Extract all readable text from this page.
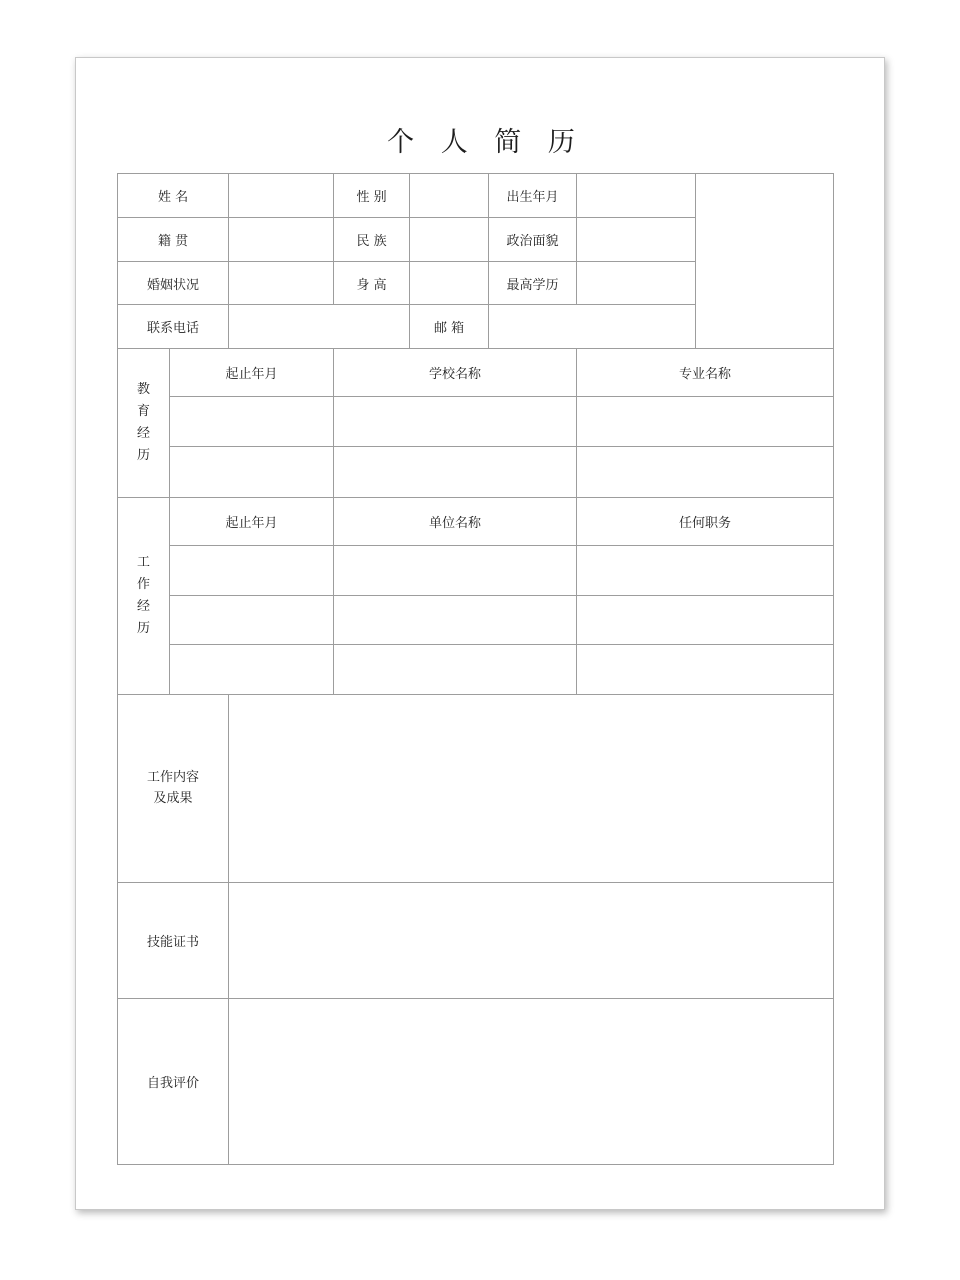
个 人 简 历
姓 名			性 别		出生年月		
籍 贯			民 族		政治面貌		
婚姻状况			身 高		最高学历		
联系电话				邮 箱			
教育经历	起止年月		学校名称			专业名称	

工作经历	起止年月		单位名称			任何职务	

工作内容
及成果							

技能证书							
自我评价							
